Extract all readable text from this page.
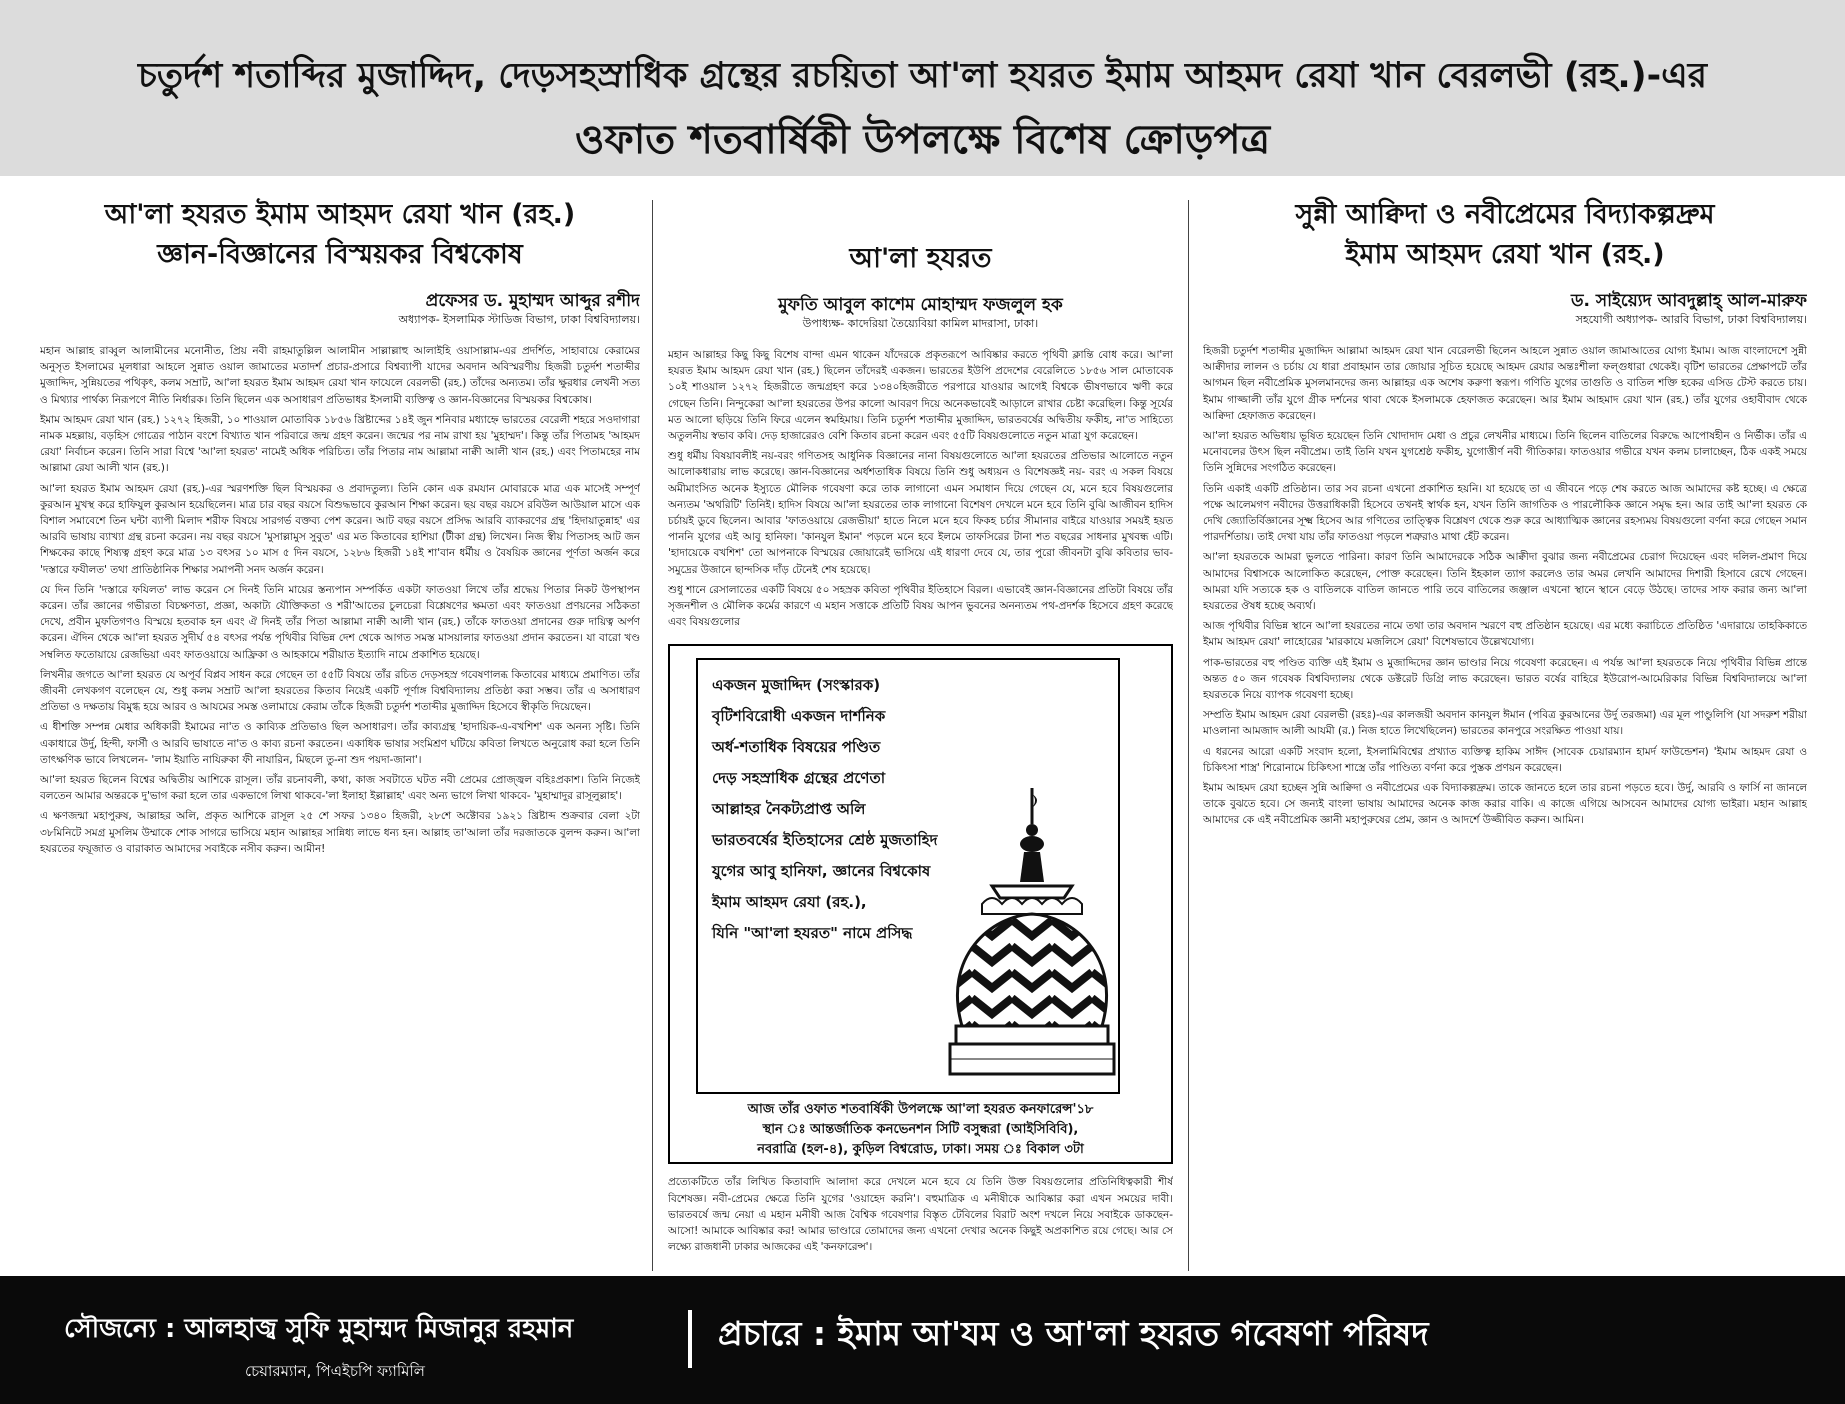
চতুর্দশ শতাব্দির মুজাদ্দিদ, দেড়সহস্রাধিক গ্রন্থের রচয়িতা আ'লা হযরত ইমাম আহমদ রেযা খান বেরলভী (রহ.)-এর
ওফাত শতবার্ষিকী উপলক্ষে বিশেষ ক্রোড়পত্র
আ'লা হযরত ইমাম আহমদ রেযা খান (রহ.)
জ্ঞান-বিজ্ঞানের বিস্ময়কর বিশ্বকোষ
প্রফেসর ড. মুহাম্মদ আব্দুর রশীদ
অধ্যাপক- ইসলামিক স্টাডিজ বিভাগ, ঢাকা বিশ্ববিদ্যালয়।

মহান আল্লাহ রাব্বুল আলামীনের মনোনীত, প্রিয় নবী রাহমাতুল্লিল আলামীন সাল্লাল্লাহু আলাইহি ওয়াসাল্লাম-এর প্রদর্শিত, সাহাবায়ে কেরামের অনুসৃত ইসলামের মূলধারা আহলে সুন্নাত ওয়াল জামাতের মতাদর্শ প্রচার-প্রসারে বিশ্বব্যাপী যাদের অবদান অবিস্মরণীয় হিজরী চতুর্দশ শতাব্দীর মুজাদ্দিদ, সুন্নিয়তের পথিকৃৎ, কলম সম্রাট, আ'লা হযরত ইমাম আহমদ রেযা খান ফাযেলে বেরলভী (রহ.) তাঁদের অন্যতম। তাঁর ক্ষুরধার লেখনী সত্য ও মিথ্যার পার্থক্য নিরূপণে নীতি নির্ধারক। তিনি ছিলেন এক অসাধারণ প্রতিভাধর ইসলামী ব্যক্তিত্ব ও জ্ঞান-বিজ্ঞানের বিস্ময়কর বিশ্বকোষ।

ইমাম আহমদ রেযা খান (রহ.) ১২৭২ হিজরী, ১০ শাওয়াল মোতাবিক ১৮৫৬ খ্রিষ্টাব্দের ১৪ই জুন শনিবার মধ্যাহ্নে ভারতের বেরেলী শহরে সওদাগারা নামক মহল্লায়, বড়হিস গোত্রের পাঠান বংশে বিখ্যাত খান পরিবারে জন্ম গ্রহণ করেন। জন্মের পর নাম রাখা হয় 'মুহাম্মদ'। কিন্তু তাঁর পিতামহ 'আহমদ রেযা' নির্বাচন করেন। তিনি সারা বিশ্বে 'আ'লা হযরত' নামেই অধিক পরিচিত। তাঁর পিতার নাম আল্লামা নাক্বী আলী খান (রহ.) এবং পিতামহের নাম আল্লামা রেযা আলী খান (রহ.)।

আ'লা হযরত ইমাম আহমদ রেযা (রহ.)-এর স্মরণশক্তি ছিল বিস্ময়কর ও প্রবাদতুল্য। তিনি কোন এক রমযান মোবারকে মাত্র এক মাসেই সম্পূর্ণ কুরআন মুখস্থ করে হাফিযুল কুরআন হয়েছিলেন। মাত্র চার বছর বয়সে বিশুদ্ধভাবে কুরআন শিক্ষা করেন। ছয় বছর বয়সে রবিউল আউয়াল মাসে এক বিশাল সমাবেশে তিন ঘন্টা ব্যাপী মিলাদ শরীফ বিষয়ে সারগর্ভ বক্তব্য পেশ করেন। আট বছর বয়সে প্রসিদ্ধ আরবি ব্যাকরণের গ্রন্থ 'হিদায়াতুন্নাহ' এর আরবি ভাষায় ব্যাখ্যা গ্রন্থ রচনা করেন। নয় বছর বয়সে 'মুসাল্লামুস সুবুত' এর মত কিতাবের হাশিয়া (টীকা গ্রন্থ) লিখেন। নিজ স্বীয় পিতাসহ আট জন শিক্ষকের কাছে শিষ্যত্ব গ্রহণ করে মাত্র ১৩ বৎসর ১০ মাস ৫ দিন বয়সে, ১২৮৬ হিজরী ১৪ই শা'বান ধর্মীয় ও বৈষয়িক জ্ঞানের পূর্ণতা অর্জন করে 'দস্তারে ফযীলত' তথা প্রাতিষ্ঠানিক শিক্ষার সমাপনী সনদ অর্জন করেন।

যে দিন তিনি 'দস্তারে ফযিলত' লাভ করেন সে দিনই তিনি মায়ের স্তন্যপান সম্পর্কিত একটা ফাতওয়া লিখে তাঁর শ্রদ্ধেয় পিতার নিকট উপস্থাপন করেন। তাঁর জ্ঞানের গভীরতা বিচক্ষণতা, প্রজ্ঞা, অকাট্য যৌক্তিকতা ও শরী'আতের চুলচেরা বিশ্লেষণের ক্ষমতা এবং ফাতওয়া প্রণয়নের সঠিকতা দেখে, প্রবীন মুফতিগণও বিস্ময়ে হতবাক হন এবং ঐ দিনই তাঁর পিতা আল্লামা নাক্বী আলী খান (রহ.) তাঁকে ফাতওয়া প্রদানের গুরু দায়িত্ব অর্পণ করেন। ঐদিন থেকে আ'লা হযরত সুদীর্ঘ ৫৪ বৎসর পর্যন্ত পৃথিবীর বিভিন্ন দেশ থেকে আগত সমস্ত মাসয়ালার ফাতওয়া প্রদান করতেন। যা বারো খণ্ড সম্বলিত ফতোয়ায়ে রেজভিয়া এবং ফাতওয়ায়ে আফ্রিকা ও আহকামে শরীয়াত ইত্যাদি নামে প্রকাশিত হয়েছে।

লিখনীর জগতে আ'লা হযরত যে অপূর্ব বিপ্লব সাধন করে গেছেন তা ৫৫টি বিষয়ে তাঁর রচিত দেড়সহস্র গবেষণালব্ধ কিতাবের মাধ্যমে প্রমাণিত। তাঁর জীবনী লেখকগণ বলেছেন যে, শুধু কলম সম্রাট আ'লা হযরতের কিতাব নিয়েই একটি পূর্ণাঙ্গ বিশ্ববিদ্যালয় প্রতিষ্ঠা করা সম্ভব। তাঁর এ অসাধারণ প্রতিভা ও দক্ষতায় বিমুগ্ধ হয়ে আরব ও আযমের সমস্ত ওলামায়ে কেরাম তাঁকে হিজরী চতুর্দশ শতাব্দীর মুজাদ্দিদ হিসেবে স্বীকৃতি দিয়েছেন।

এ ধীশক্তি সম্পন্ন মেধার অধিকারী ইমামের না'ত ও কাব্যিক প্রতিভাও ছিল অসাধারণ। তাঁর কাব্যগ্রন্থ 'হাদায়িক-এ-বখশিশ' এক অনন্য সৃষ্টি। তিনি একাধারে উর্দু, হিন্দী, ফার্সী ও আরবি ভাষাতে না'ত ও কাব্য রচনা করতেন। একাধিক ভাষার সংমিশ্রণ ঘটিয়ে কবিতা লিখতে অনুরোধ করা হলে তিনি তাৎক্ষণিক ভাবে লিখলেন- 'লাম ইয়াতি নাযিরুকা ফী নাযারিন, মিছলে তু-না শুদ পয়দা-জানা'।

আ'লা হযরত ছিলেন বিশ্বের অদ্বিতীয় আশিকে রাসূল। তাঁর রচনাবলী, কথা, কাজ সবটাতে ঘটত নবী প্রেমের প্রোজ্জ্বল বহিঃপ্রকাশ। তিনি নিজেই বলতেন আমার অন্তরকে দু'ভাগ করা হলে তার একভাগে লিখা থাকবে-'লা ইলাহা ইল্লাল্লাহ' এবং অন্য ভাগে লিখা থাকবে- 'মুহাম্মাদুর রাসূলুল্লাহ'।

এ ক্ষণজন্মা মহাপুরুষ, আল্লাহর অলি, প্রকৃত আশিকে রাসূল ২৫ শে সফর ১৩৪০ হিজরী, ২৮শে অক্টোবর ১৯২১ খ্রিষ্টাব্দ শুক্রবার বেলা ২টা ৩৮মিনিটে সমগ্র মুসলিম উম্মাকে শোক সাগরে ভাসিয়ে মহান আল্লাহর সান্নিধ্য লাভে ধন্য হন। আল্লাহ তা'আলা তাঁর দরজাতকে বুলন্দ করুন। আ'লা হযরতের ফয়ূজাত ও বারাকাত আমাদের সবাইকে নসীব করুন। আমীন!

আ'লা হযরত
মুফতি আবুল কাশেম মোহাম্মদ ফজলুল হক
উপাধ্যক্ষ- কাদেরিয়া তৈয়্যেবিয়া কামিল মাদরাসা, ঢাকা।

মহান আল্লাহর কিছু কিছু বিশেষ বান্দা এমন থাকেন যাঁদেরকে প্রকৃতরূপে আবিষ্কার করতে পৃথিবী ক্লান্তি বোধ করে। আ'লা হযরত ইমাম আহমদ রেযা খান (রহ.) ছিলেন তাঁদেরই একজন। ভারতের ইউপি প্রদেশের বেরেলিতে ১৮৫৬ সাল মোতাবেক ১০ই শাওয়াল ১২৭২ হিজরীতে জন্মগ্রহণ করে ১৩৪০হিজরীতে পরপারে যাওয়ার আগেই বিশ্বকে ভীষণভাবে ঋণী করে গেছেন তিনি। নিন্দুকেরা আ'লা হযরতের উপর কালো আবরণ দিয়ে অনেকভাবেই আড়ালে রাখার চেষ্টা করেছিল। কিন্তু সূর্যের মত আলো ছড়িয়ে তিনি ফিরে এলেন স্বমহিমায়। তিনি চতুর্দশ শতাব্দীর মুজাদ্দিদ, ভারতবর্ষের অদ্বিতীয় ফকীহ, না'ত সাহিত্যে অতুলনীয় স্বভাব কবি। দেড় হাজারেরও বেশি কিতাব রচনা করেন এবং ৫৫টি বিষয়গুলোতে নতুন মাত্রা যুগ করেছেন।

শুধু ধর্মীয় বিষয়াবলীই নয়-বরং গণিতসহ আধুনিক বিজ্ঞানের নানা বিষয়গুলোতে আ'লা হযরতের প্রতিভার আলোতে নতুন আলোকধারায় লাভ করেছে। জ্ঞান-বিজ্ঞানের অর্ধশতাধিক বিষয়ে তিনি শুধু অধ্যয়ন ও বিশেষজ্ঞই নয়- বরং এ সকল বিষয়ে অমীমাংসিত অনেক ইস্যুতে মৌলিক গবেষণা করে তাক লাগানো এমন সমাধান দিয়ে গেছেন যে, মনে হবে বিষয়গুলোর অন্যতম 'অথরিটি' তিনিই। হাদিস বিষয়ে আ'লা হযরতের তাক লাগানো বিশেষণ দেখলে মনে হবে তিনি বুঝি আজীবন হাদিস চর্চায়ই ডুবে ছিলেন। আবার 'ফাতওয়ায়ে রেজভীয়া' হাতে নিলে মনে হবে ফিকহ চর্চার সীমানার বাইরে যাওয়ার সময়ই হয়ত পাননি যুগের এই আবু হানিফা। 'কানযুল ইমান' পড়লে মনে হবে ইলমে তাফসিরের টানা শত বছরের সাধনার মুখবন্ধ এটি। 'হাদায়েকে বখশিশ' তো আপনাকে বিস্ময়ের জোয়ারেই ভাসিয়ে এই ধারণা দেবে যে, তার পুরো জীবনটা বুঝি কবিতার ভাব-সমুদ্রের উজানে ছান্দসিক দাঁড় টেনেই শেষ হয়েছে।

শুধু শানে রেসালাতের একটি বিষয়ে ৫০ সহস্রক কবিতা পৃথিবীর ইতিহাসে বিরল। এভাবেই জ্ঞান-বিজ্ঞানের প্রতিটা বিষয়ে তাঁর সৃজনশীল ও মৌলিক কর্মের কারণে এ মহান সত্তাকে প্রতিটি বিষয় আপন ভুবনের অনন্যতম পথ-প্রদর্শক হিসেবে গ্রহণ করেছে এবং বিষয়গুলোর

একজন মুজাদ্দিদ (সংস্কারক)
বৃটিশবিরোধী একজন দার্শনিক
অর্ধ-শতাধিক বিষয়ের পণ্ডিত
দেড় সহস্রাধিক গ্রন্থের প্রণেতা
আল্লাহর নৈকট্যপ্রাপ্ত অলি
ভারতবর্ষের ইতিহাসের শ্রেষ্ঠ মুজতাহিদ
যুগের আবু হানিফা, জ্ঞানের বিশ্বকোষ
ইমাম আহমদ রেযা (রহ.),
যিনি "আ'লা হযরত" নামে প্রসিদ্ধ
আজ তাঁর ওফাত শতবার্ষিকী উপলক্ষে আ'লা হযরত কনফারেন্স'১৮
স্থান ঃ আন্তর্জাতিক কনভেনশন সিটি বসুন্ধরা (আইসিবিবি),
নবরাত্রি (হল-৪), কুড়িল বিশ্বরোড, ঢাকা। সময় ঃ বিকাল ৩টা

প্রত্যেকটিতে তাঁর লিখিত কিতাবাদি আলাদা করে দেখলে মনে হবে যে তিনি উক্ত বিষয়গুলোর প্রতিনিধিত্বকারী শীর্ষ বিশেষজ্ঞ। নবী-প্রেমের ক্ষেত্রে তিনি যুগের 'ওয়াহেদ করনি'। বহুমাত্রিক এ মনীষীকে আবিষ্কার করা এখন সময়ের দাবী। ভারতবর্ষে জন্ম নেয়া এ মহান মনীষী আজ বৈশ্বিক গবেষণার বিস্তৃত টেবিলের বিরাট অংশ দখলে নিয়ে সবাইকে ডাকছেন- আসো! আমাকে আবিষ্কার কর! আমার ভাণ্ডারে তোমাদের জন্য এখনো দেখার অনেক কিছুই অপ্রকাশিত রয়ে গেছে। আর সে লক্ষ্যে রাজধানী ঢাকার আজকের এই 'কনফারেন্স'।

সুন্নী আক্বিদা ও নবীপ্রেমের বিদ্যাকল্পদ্রুম
ইমাম আহমদ রেযা খান (রহ.)
ড. সাইয়্যেদ আবদুল্লাহ্ আল-মারুফ
সহযোগী অধ্যাপক- আরবি বিভাগ, ঢাকা বিশ্ববিদ্যালয়।

হিজরী চতুর্দশ শতাব্দীর মুজাদ্দিদ আল্লামা আহমদ রেযা খান বেরেলভী ছিলেন আহলে সুন্নাত ওয়াল জামাআতের যোগ্য ইমাম। আজ বাংলাদেশে সুন্নী আক্বীদার লালন ও চর্চায় যে ধারা প্রবাহমান তার জোয়ার সূচিত হয়েছে আহমদ রেযার অন্তঃশীলা ফল্গুধারা থেকেই। বৃটিশ ভারতের প্রেক্ষাপটে তাঁর আগমন ছিল নবীপ্রেমিক মুসলমানদের জন্য আল্লাহর এক অশেষ করুণা স্বরূপ। গণিতি যুগের তাগুতি ও বাতিল শক্তি হকের এসিড টেস্ট করতে চায়। ইমাম গাজ্জালী তাঁর যুগে গ্রীক দর্শনের থাবা থেকে ইসলামকে হেফাজত করেছেন। আর ইমাম আহমাদ রেযা খান (রহ.) তাঁর যুগের ওহাবীবাদ থেকে আক্বিদা হেফাজত করেছেন।

আ'লা হযরত অভিধায় ভূষিত হয়েছেন তিনি খোদাদাদ মেধা ও প্রচুর লেখনীর মাধ্যমে। তিনি ছিলেন বাতিলের বিরুদ্ধে আপোষহীন ও নির্ভীক। তাঁর এ মনোবলের উৎস ছিল নবীপ্রেম। তাই তিনি যখন যুগশ্রেষ্ঠ ফকীহ, যুগোত্তীর্ণ নবী গীতিকার। ফাতওয়ার গভীরে যখন কলম চালাচ্ছেন, ঠিক একই সময়ে তিনি সুন্নিদের সংগঠিত করেছেন।

তিনি একাই একটি প্রতিষ্ঠান। তার সব রচনা এখনো প্রকাশিত হয়নি। যা হয়েছে তা এ জীবনে পড়ে শেষ করতে আজ আমাদের কষ্ট হচ্ছে। এ ক্ষেত্রে পক্ষে আলেমগণ নবীদের উত্তরাধিকারী হিসেবে তখনই স্বার্থক হন, যখন তিনি জাগতিক ও পারলৌকিক জ্ঞানে সমৃদ্ধ হন। আর তাই আ'লা হযরত কে দেখি জ্যোতির্বিজ্ঞানের সূক্ষ্ম হিসেব আর গণিতের তাত্ত্বিক বিশ্লেষণ থেকে শুরু করে আধ্যাত্মিক জ্ঞানের রহস্যময় বিষয়গুলো বর্ণনা করে গেছেন সমান পারদর্শিতায়। তাই দেখা যায় তাঁর ফাতওয়া পড়লে শত্রুরাও মাথা হেঁট করেন।

আ'লা হযরতকে আমরা ভুলতে পারিনা। কারণ তিনি আমাদেরকে সঠিক আক্বীদা বুঝার জন্য নবীপ্রেমের চেরাগ দিয়েছেন এবং দলিল-প্রমাণ দিয়ে আমাদের বিশ্বাসকে আলোকিত করেছেন, পোক্ত করেছেন। তিনি ইহকাল ত্যাগ করলেও তার অমর লেখনি আমাদের দিশারী হিসাবে রেখে গেছেন। আমরা যদি সত্যকে হক ও বাতিলকে বাতিল জানতে পারি তবে বাতিলের জঞ্জাল এখনো স্থানে স্থানে বেড়ে উঠছে। তাদের সাফ করার জন্য আ'লা হযরতের ঔষধ হচ্ছে অব্যর্থ।

আজ পৃথিবীর বিভিন্ন স্থানে আ'লা হযরতের নামে তথা তার অবদান স্মরণে বহু প্রতিষ্ঠান হয়েছে। এর মধ্যে করাচিতে প্রতিষ্ঠিত 'এদারায়ে তাহকিকাতে ইমাম আহমদ রেযা' লাহোরের 'মারকাযে মজলিসে রেযা' বিশেষভাবে উল্লেখযোগ্য।

পাক-ভারতের বহু পণ্ডিত ব্যক্তি এই ইমাম ও মুজাদ্দিদের জ্ঞান ভাণ্ডার নিয়ে গবেষণা করেছেন। এ পর্যন্ত আ'লা হযরতকে নিয়ে পৃথিবীর বিভিন্ন প্রান্তে অন্তত ৫০ জন গবেষক বিশ্ববিদ্যালয় থেকে ডক্টরেট ডিগ্রি লাভ করেছেন। ভারত বর্ষের বাহিরে ইউরোপ-আমেরিকার বিভিন্ন বিশ্ববিদ্যালয়ে আ'লা হযরতকে নিয়ে ব্যাপক গবেষণা হচ্ছে।

সম্প্রতি ইমাম আহমদ রেযা বেরলভী (রহঃ)-এর কালজয়ী অবদান কানযুল ঈমান (পবিত্র কুরআনের উর্দু তরজমা) এর মূল পাণ্ডুলিপি (যা সদরুশ শরীয়া মাওলানা আমজাদ আলী আযমী (র.) নিজ হাতে লিখেছিলেন) ভারতের কানপুরে সংরক্ষিত পাওয়া যায়।

এ ধরনের আরো একটি সংবাদ হলো, ইসলামিবিশ্বের প্রখ্যাত ব্যক্তিত্ব হাকিম সাঈদ (সাবেক চেয়ারম্যান হামর্দ ফাউন্ডেশন) 'ইমাম আহমদ রেযা ও চিকিৎসা শাস্ত্র' শিরোনামে চিকিৎসা শাস্ত্রে তাঁর পাণ্ডিত্য বর্ণনা করে পুস্তক প্রণয়ন করেছেন।

ইমাম আহমদ রেযা হচ্ছেন সুন্নি আক্বিদা ও নবীপ্রেমের এক বিদ্যাকল্পদ্রুম। তাকে জানতে হলে তার রচনা পড়তে হবে। উর্দু, আরবি ও ফার্সি না জানলে তাকে বুঝতে হবে। সে জন্যই বাংলা ভাষায় আমাদের অনেক কাজ করার বাকি। এ কাজে এগিয়ে আসবেন আমাদের যোগ্য ভাইরা। মহান আল্লাহ আমাদের কে এই নবীপ্রেমিক জ্ঞানী মহাপুরুষের প্রেম, জ্ঞান ও আদর্শে উজ্জীবিত করুন। আমিন।

সৌজন্যে : আলহাজ্ব সুফি মুহাম্মদ মিজানুর রহমান
চেয়ারম্যান, পিএইচপি ফ্যামিলি
প্রচারে : ইমাম আ'যম ও আ'লা হযরত গবেষণা পরিষদ
